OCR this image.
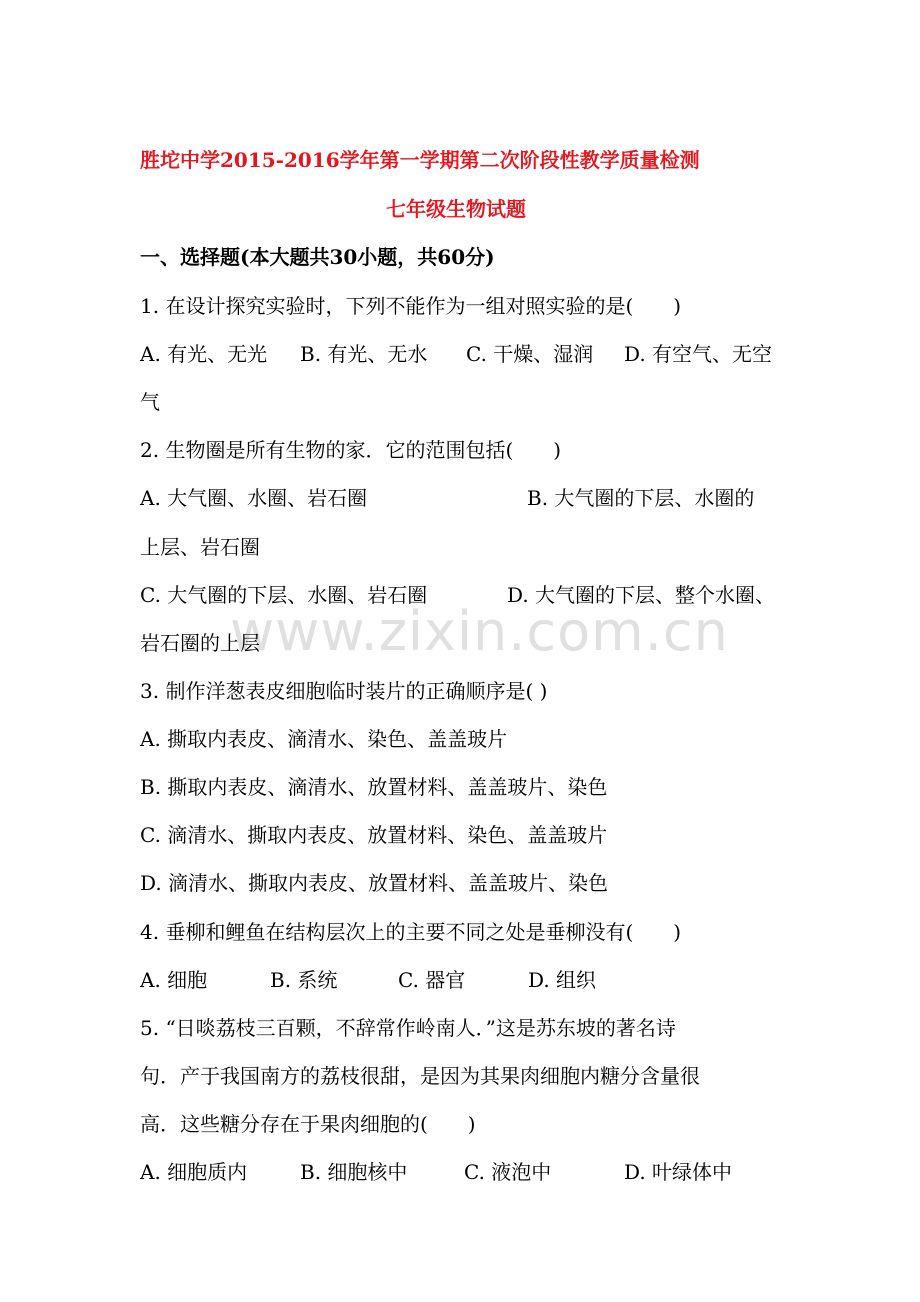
www.zixin.com.cn
胜坨中学2015-2016学年第一学期第二次阶段性教学质量检测
七年级生物试题
一、选择题(本大题共30小题，共60分)
1. 在设计探究实验时，下列不能作为一组对照实验的是(　　)
A. 有光、无光 B. 有光、无水 C. 干燥、湿润 D. 有空气、无空
气
2. 生物圈是所有生物的家．它的范围包括(　　)
A. 大气圈、水圈、岩石圈	B. 大气圈的下层、水圈的
上层、岩石圈
C. 大气圈的下层、水圈、岩石圈	D. 大气圈的下层、整个水圈、
岩石圈的上层
3. 制作洋葱表皮细胞临时装片的正确顺序是( )
A. 撕取内表皮、滴清水、染色、盖盖玻片
B. 撕取内表皮、滴清水、放置材料、盖盖玻片、染色
C. 滴清水、撕取内表皮、放置材料、染色、盖盖玻片
D. 滴清水、撕取内表皮、放置材料、盖盖玻片、染色
4. 垂柳和鲤鱼在结构层次上的主要不同之处是垂柳没有(　　)
A. 细胞	B. 系统	C. 器官	D. 组织
5. “日啖荔枝三百颗，不辞常作岭南人．”这是苏东坡的著名诗
句．产于我国南方的荔枝很甜，是因为其果肉细胞内糖分含量很
高．这些糖分存在于果肉细胞的(　　)
A. 细胞质内	B. 细胞核中	C. 液泡中	D. 叶绿体中
